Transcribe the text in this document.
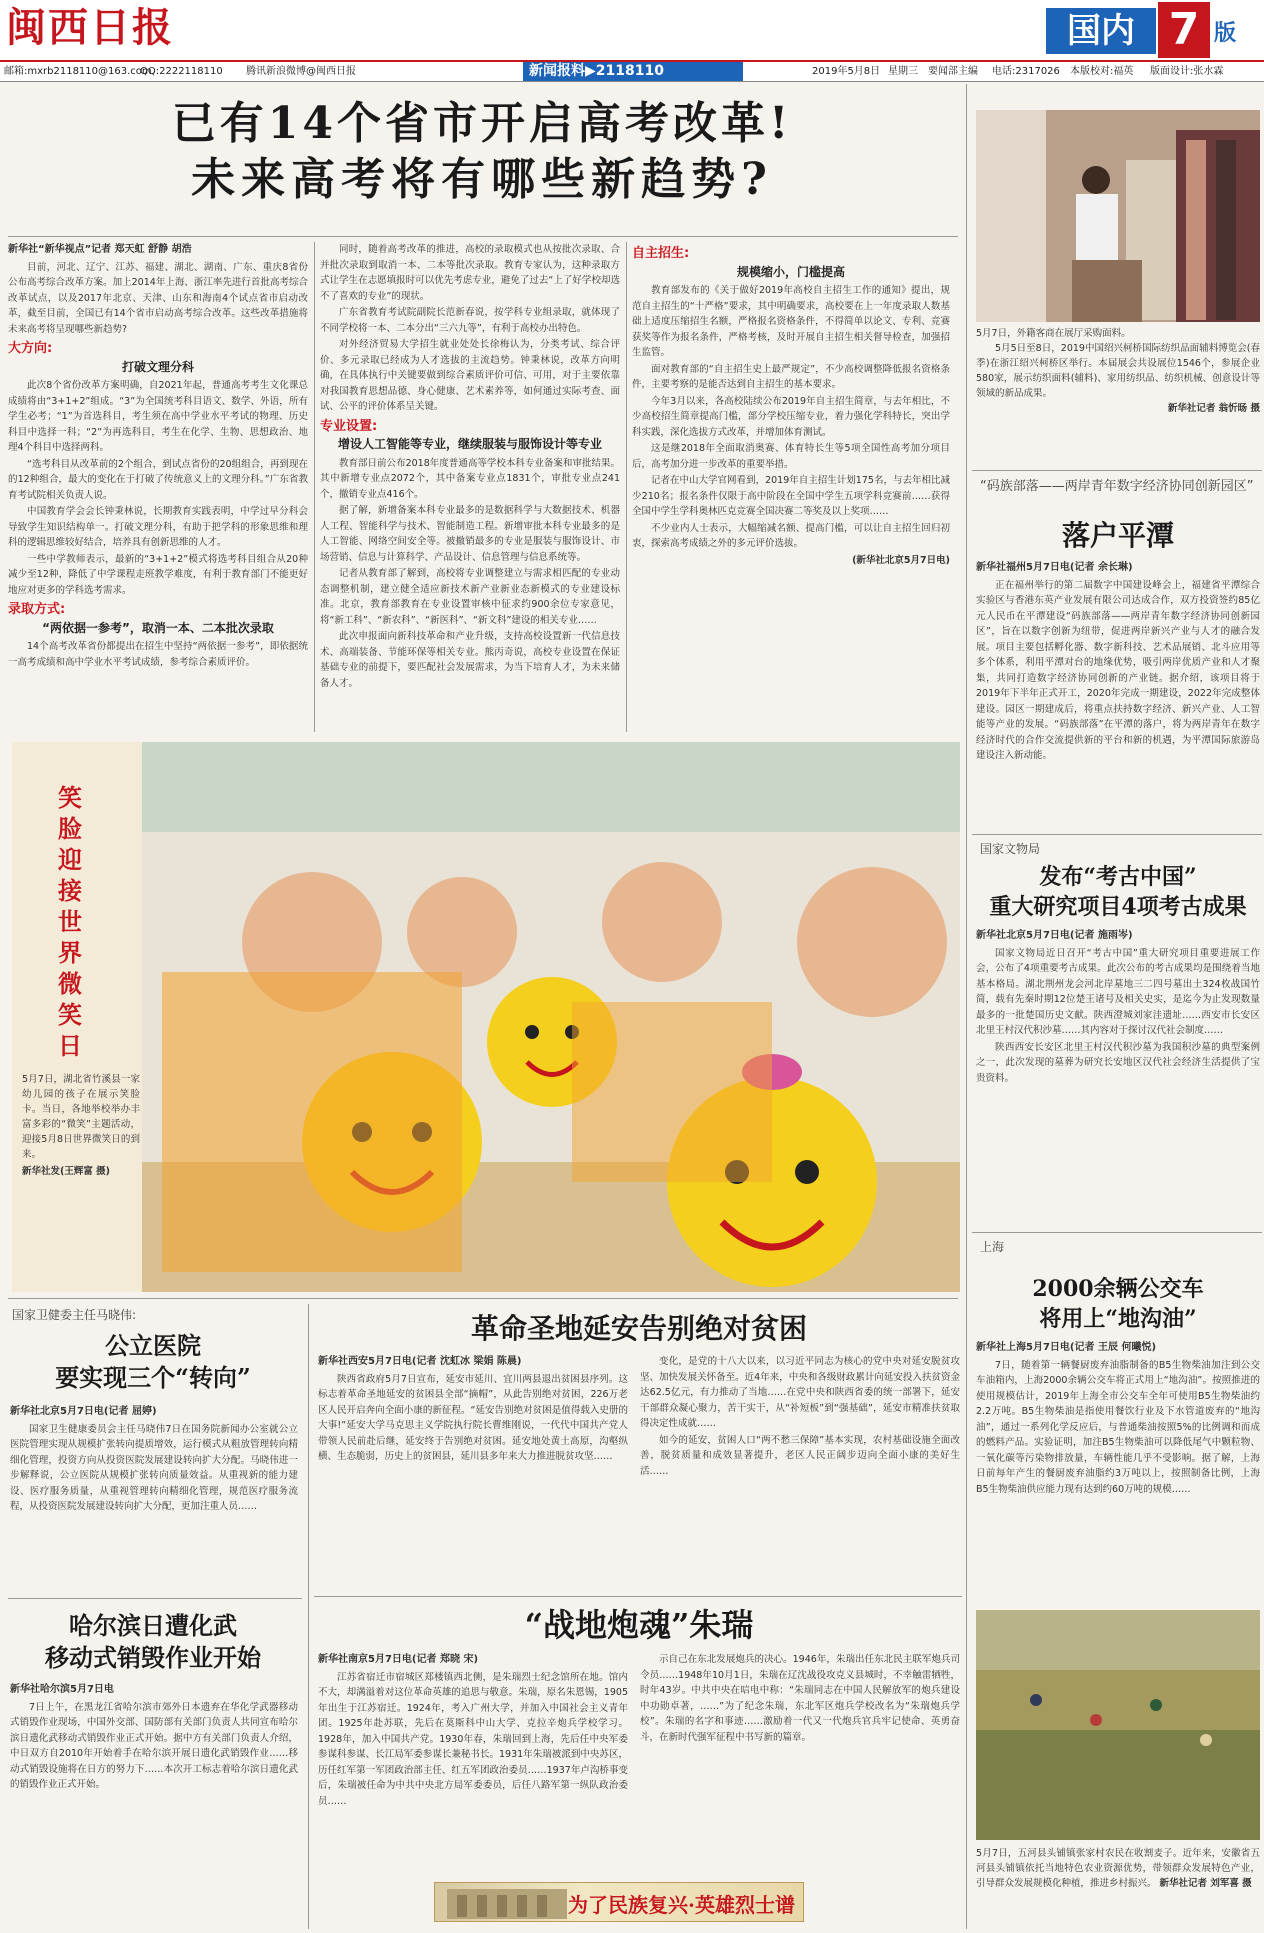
闽西日报	国内 7 版
邮箱:mxrb2118110@163.com
QQ:2222118110 腾讯新浪微博@闽西日报	新闻报料▶2118110	2019年5月8日 星期三 要闻部主编 电话:2317026 本版校对:福英 版面设计:张水霖
已有14个省市开启高考改革!
未来高考将有哪些新趋势?
新华社“新华视点”记者 郑天虹 舒静 胡浩
目前，河北、辽宁、江苏、福建、湖北、湖南、广东、重庆8省份公布高考综合改革方案。加上2014年上海、浙江率先进行首批高考综合改革试点，以及2017年北京、天津、山东和海南4个试点省市启动改革，截至目前，全国已有14个省市启动高考综合改革。这些改革措施将未来高考将呈现哪些新趋势?
大方向:
打破文理分科
此次8个省份改革方案明确，自2021年起，普通高考考生文化课总成绩将由“3+1+2”组成。“3”为全国统考科目语文、数学、外语，所有学生必考；“1”为首选科目，考生须在高中学业水平考试的物理、历史科目中选择一科；“2”为再选科目，考生在化学、生物、思想政治、地理4个科目中选择两科。
“选考科目从改革前的2个组合，到试点省份的20组组合，再到现在的12种组合，最大的变化在于打破了传统意义上的文理分科。”广东省教育考试院相关负责人说。
中国教育学会会长钟秉林说，长期教育实践表明，中学过早分科会导致学生知识结构单一。打破文理分科，有助于把学科的形象思维和理科的逻辑思维较好结合，培养具有创新思维的人才。
一些中学教师表示，最新的“3+1+2”模式将选考科目组合从20种减少至12种，降低了中学课程走班教学难度，有利于教育部门不能更好地应对更多的学科选考需求。
录取方式:
“两依据一参考”，取消一本、二本批次录取
14个高考改革省份都提出在招生中坚持“两依据一参考”，即依据统一高考成绩和高中学业水平考试成绩，参考综合素质评价。
同时，随着高考改革的推进，高校的录取模式也从按批次录取、合并批次录取到取消一本、二本等批次录取。教育专家认为，这种录取方式让学生在志愿填报时可以优先考虑专业，避免了过去“上了好学校却选不了喜欢的专业”的现状。
广东省教育考试院副院长范新春说，按学科专业组录取，就体现了不同学校将一本、二本分出“三六九等”，有利于高校办出特色。
对外经济贸易大学招生就业处处长徐梅认为，分类考试、综合评价、多元录取已经成为人才选拔的主流趋势。钟秉林说，改革方向明确，在具体执行中关键要做到综合素质评价可信、可用，对于主要依靠对我国教育思想品德、身心健康、艺术素养等，如何通过实际考查、面试、公平的评价体系呈关键。
专业设置:
增设人工智能等专业，继续服装与服饰设计等专业
教育部日前公布2018年度普通高等学校本科专业备案和审批结果。其中新增专业点2072个，其中备案专业点1831个，审批专业点241个，撤销专业点416个。
据了解，新增备案本科专业最多的是数据科学与大数据技术、机器人工程、智能科学与技术、智能制造工程。新增审批本科专业最多的是人工智能、网络空间安全等。被撤销最多的专业是服装与服饰设计、市场营销、信息与计算科学、产品设计、信息管理与信息系统等。
记者从教育部了解到，高校将专业调整建立与需求相匹配的专业动态调整机制，建立健全适应新技术新产业新业态新模式的专业建设标准。北京，教育部教育在专业设置审核中征求约900余位专家意见，将“新工科”、“新农科”、“新医科”、“新文科”建设的相关专业……
此次申报面向新科技革命和产业升级，支持高校设置新一代信息技术、高端装备、节能环保等相关专业。熊丙奇说，高校专业设置在保证基础专业的前提下，要匹配社会发展需求，为当下培育人才，为未来储备人才。
自主招生:
规模缩小，门槛提高
教育部发布的《关于做好2019年高校自主招生工作的通知》提出，规范自主招生的“十严格”要求，其中明确要求，高校要在上一年度录取人数基础上适度压缩招生名额，严格报名资格条件，不得简单以论文、专利、竞赛获奖等作为报名条件，严格考核，及时开展自主招生相关督导检查，加强招生监管。
面对教育部的“自主招生史上最严规定”，不少高校调整降低报名资格条件，主要考察的是能否达到自主招生的基本要求。
今年3月以来，各高校陆续公布2019年自主招生简章，与去年相比，不少高校招生简章提高门槛，部分学校压缩专业，着力强化学科特长，突出学科实践，深化选拔方式改革，并增加体育测试。
这是继2018年全面取消奥赛、体育特长生等5项全国性高考加分项目后，高考加分进一步改革的重要举措。
记者在中山大学官网看到，2019年自主招生计划175名，与去年相比减少210名；报名条件仅限于高中阶段在全国中学生五项学科竞赛前……获得全国中学生学科奥林匹克竞赛全国决赛二等奖及以上奖项……
不少业内人士表示，大幅缩减名额、提高门槛，可以让自主招生回归初衷，探索高考成绩之外的多元评价选拔。
(新华社北京5月7日电)
5月7日，外籍客商在展厅采购面料。
5月5日至8日，2019中国绍兴柯桥国际纺织品面辅料博览会(春季)在浙江绍兴柯桥区举行。本届展会共设展位1546个，参展企业580家，展示纺织面料(辅料)、家用纺织品、纺织机械、创意设计等领域的新品成果。
新华社记者 翁忻旸 摄
“码族部落——两岸青年数字经济协同创新园区”
落户平潭
新华社福州5月7日电(记者 余长琳)
正在福州举行的第二届数字中国建设峰会上，福建省平潭综合实验区与香港东英产业发展有限公司达成合作，双方投资签约85亿元人民币在平潭建设“码族部落——两岸青年数字经济协同创新园区”，旨在以数字创新为纽带，促进两岸新兴产业与人才的融合发展。项目主要包括孵化器、数字新科技、艺术品展销、北斗应用等多个体系，利用平潭对台的地缘优势，吸引两岸优质产业和人才聚集，共同打造数字经济协同创新的产业链。据介绍，该项目将于2019年下半年正式开工，2020年完成一期建设，2022年完成整体建设。园区一期建成后，将重点扶持数字经济、新兴产业、人工智能等产业的发展。“码族部落”在平潭的落户，将为两岸青年在数字经济时代的合作交流提供新的平台和新的机遇，为平潭国际旅游岛建设注入新动能。
国家文物局
发布“考古中国”
重大研究项目4项考古成果
新华社北京5月7日电(记者 施雨岑)
国家文物局近日召开“考古中国”重大研究项目重要进展工作会，公布了4项重要考古成果。此次公布的考古成果均是围绕着当地基本格局。湖北荆州龙会河北岸墓地三二四号墓出土324枚战国竹简，载有先秦时期12位楚王诸号及相关史实，是迄今为止发现数量最多的一批楚国历史文献。陕西澄城刘家洼遗址……西安市长安区北里王村汉代积沙墓……其内容对于探讨汉代社会制度……
陕西西安长安区北里王村汉代积沙墓为我国积沙墓的典型案例之一，此次发现的墓葬为研究长安地区汉代社会经济生活提供了宝贵资料。
上海
2000余辆公交车
将用上“地沟油”
新华社上海5月7日电(记者 王辰 何曦悦)
7日，随着第一辆餐厨废弃油脂制备的B5生物柴油加注到公交车油箱内，上海2000余辆公交车将正式用上“地沟油”。按照推进的使用规模估计，2019年上海全市公交车全年可使用B5生物柴油约2.2万吨。B5生物柴油是指使用餐饮行业及下水管道废弃的“地沟油”，通过一系列化学反应后，与普通柴油按照5%的比例调和而成的燃料产品。实验证明，加注B5生物柴油可以降低尾气中颗粒物、一氧化碳等污染物排放量，车辆性能几乎不受影响。据了解，上海日前每年产生的餐厨废弃油脂约3万吨以上，按照制备比例，上海B5生物柴油供应能力现有达到约60万吨的规模……
5月7日，五河县头铺镇张家村农民在收割麦子。近年来，安徽省五河县头铺镇依托当地特色农业资源优势，带领群众发展特色产业，引导群众发展规模化种植，推进乡村振兴。 新华社记者 刘军喜 摄
笑脸迎接世界微笑日
5月7日，湖北省竹溪县一家幼儿园的孩子在展示笑脸卡。当日，各地举校举办丰富多彩的“微笑”主题活动，迎接5月8日世界微笑日的到来。
新华社发(王辉富 摄)
国家卫健委主任马晓伟:
公立医院
要实现三个“转向”
新华社北京5月7日电(记者 屈婷)
国家卫生健康委员会主任马晓伟7日在国务院新闻办公室就公立医院管理实现从规模扩张转向提质增效，运行模式从粗放管理转向精细化管理，投资方向从投资医院发展建设转向扩大分配。马晓伟进一步解释说，公立医院从规模扩张转向质量效益。从重视新的能力建设、医疗服务质量，从重视管理转向精细化管理，规范医疗服务流程，从投资医院发展建设转向扩大分配，更加注重人员……
哈尔滨日遭化武
移动式销毁作业开始
新华社哈尔滨5月7日电
7日上午，在黑龙江省哈尔滨市郊外日本遗弃在华化学武器移动式销毁作业现场，中国外交部、国防部有关部门负责人共同宣布哈尔滨日遗化武移动式销毁作业正式开始。据中方有关部门负责人介绍，中日双方自2010年开始着手在哈尔滨开展日遗化武销毁作业……移动式销毁设施将在日方的努力下……本次开工标志着哈尔滨日遗化武的销毁作业正式开始。
革命圣地延安告别绝对贫困
新华社西安5月7日电(记者 沈虹冰 梁娟 陈晨)
陕西省政府5月7日宣布，延安市延川、宜川两县退出贫困县序列。这标志着革命圣地延安的贫困县全部“摘帽”，从此告别绝对贫困，226万老区人民开启奔向全面小康的新征程。“延安告别绝对贫困是值得载入史册的大事!”延安大学马克思主义学院执行院长曹维刚说，一代代中国共产党人带领人民前赴后继，延安终于告别绝对贫困。延安地处黄土高原，沟壑纵横、生态脆弱，历史上的贫困县，延川县多年来大力推进脱贫攻坚……
变化，是党的十八大以来，以习近平同志为核心的党中央对延安脱贫攻坚、加快发展关怀备至。近4年来，中央和各级财政累计向延安投入扶贫资金达62.5亿元，有力推动了当地……在党中央和陕西省委的统一部署下，延安干部群众凝心聚力，苦干实干，从“补短板”到“强基础”，延安市精准扶贫取得决定性成就……
如今的延安，贫困人口“两不愁三保障”基本实现，农村基础设施全面改善，脱贫质量和成效显著提升，老区人民正阔步迈向全面小康的美好生活……
“战地炮魂”朱瑞
新华社南京5月7日电(记者 郑晓 宋)
江苏省宿迁市宿城区郑楼镇西北侧，是朱瑞烈士纪念馆所在地。馆内不大，却满溢着对这位革命英雄的追思与敬意。朱瑞，原名朱恩锡，1905年出生于江苏宿迁。1924年，考入广州大学，并加入中国社会主义青年团。1925年赴苏联，先后在莫斯科中山大学、克拉辛炮兵学校学习。1928年，加入中国共产党。1930年春，朱瑞回到上海，先后任中央军委参谋科参谋、长江局军委参谋长兼秘书长。1931年朱瑞被派到中央苏区，历任红军第一军团政治部主任、红五军团政治委员……1937年卢沟桥事变后，朱瑞被任命为中共中央北方局军委委员，后任八路军第一纵队政治委员……
示自己在东北发展炮兵的决心。1946年，朱瑞出任东北民主联军炮兵司令员……1948年10月1日，朱瑞在辽沈战役攻克义县城时，不幸触雷牺牲，时年43岁。中共中央在唁电中称：“朱瑞同志在中国人民解放军的炮兵建设中功勋卓著，……”为了纪念朱瑞，东北军区炮兵学校改名为“朱瑞炮兵学校”。朱瑞的名字和事迹……激励着一代又一代炮兵官兵牢记使命、英勇奋斗，在新时代强军征程中书写新的篇章。
为了民族复兴·英雄烈士谱
